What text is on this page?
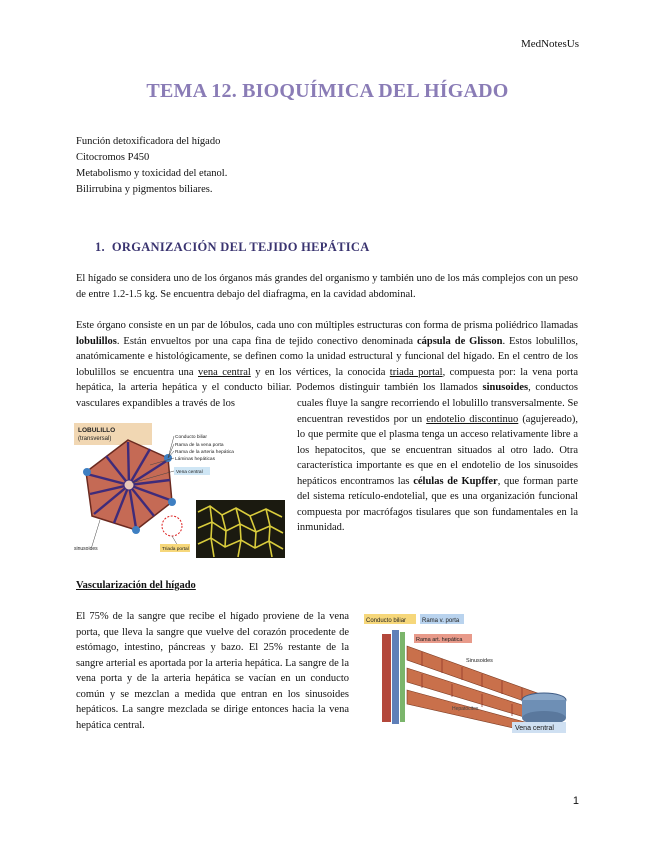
MedNotesUs
TEMA 12. BIOQUÍMICA DEL HÍGADO
Función detoxificadora del hígado
Citocromos P450
Metabolismo y toxicidad del etanol.
Bilirrubina y pigmentos biliares.
1. ORGANIZACIÓN DEL TEJIDO HEPÁTICA

El hígado se considera uno de los órganos más grandes del organismo y también uno de los más complejos con un peso de entre 1.2-1.5 kg. Se encuentra debajo del diafragma, en la cavidad abdominal.

Este órgano consiste en un par de lóbulos, cada uno con múltiples estructuras con forma de prisma poliédrico llamadas lobulillos. Están envueltos por una capa fina de tejido conectivo denominada cápsula de Glisson. Estos lobulillos, anatómicamente e histológicamente, se definen como la unidad estructural y funcional del hígado. En el centro de los lobulillos se encuentra una vena central y en los vértices, la conocida triada portal, compuesta por: la vena porta hepática, la arteria hepática y el conducto biliar. Podemos distinguir también los llamados sinusoides, conductos vasculares expandibles a través de los	cuales fluye la sangre recorriendo el lobulillo transversalmente. Se encuentran revestidos por un endotelio discontinuo (agujereado), lo que permite que el plasma tenga un acceso relativamente libre a los hepatocitos, que se encuentran situados al otro lado. Otra característica importante es que en el endotelio de los sinusoides hepáticos encontramos las células de Kupffer, que forman parte del sistema retículo-endotelial, que es una organización funcional compuesta por macrófagos tisulares que son fundamentales en la inmunidad.

LOBULILLO
(transversal)	Conducto biliar
Rama de la vena porta
Rama de la arteria hepática
Láminas hepáticas
Vena central
sinusoides	Triada portal
Vascularización del hígado

El 75% de la sangre que recibe el hígado proviene de la vena porta, que lleva la sangre que vuelve del corazón procedente de estómago, intestino, páncreas y bazo. El 25% restante de la sangre arterial es aportada por la arteria hepática. La sangre de la vena porta y de la arteria hepática se vacían en un conducto común y se mezclan a medida que entran en los sinusoides hepáticos. La sangre mezclada se dirige entonces hacia la vena hepática central.

Conducto biliar	Rama v. porta
Rama art. hepática
Sinusoides
Hepatocitos
Vena central
1
